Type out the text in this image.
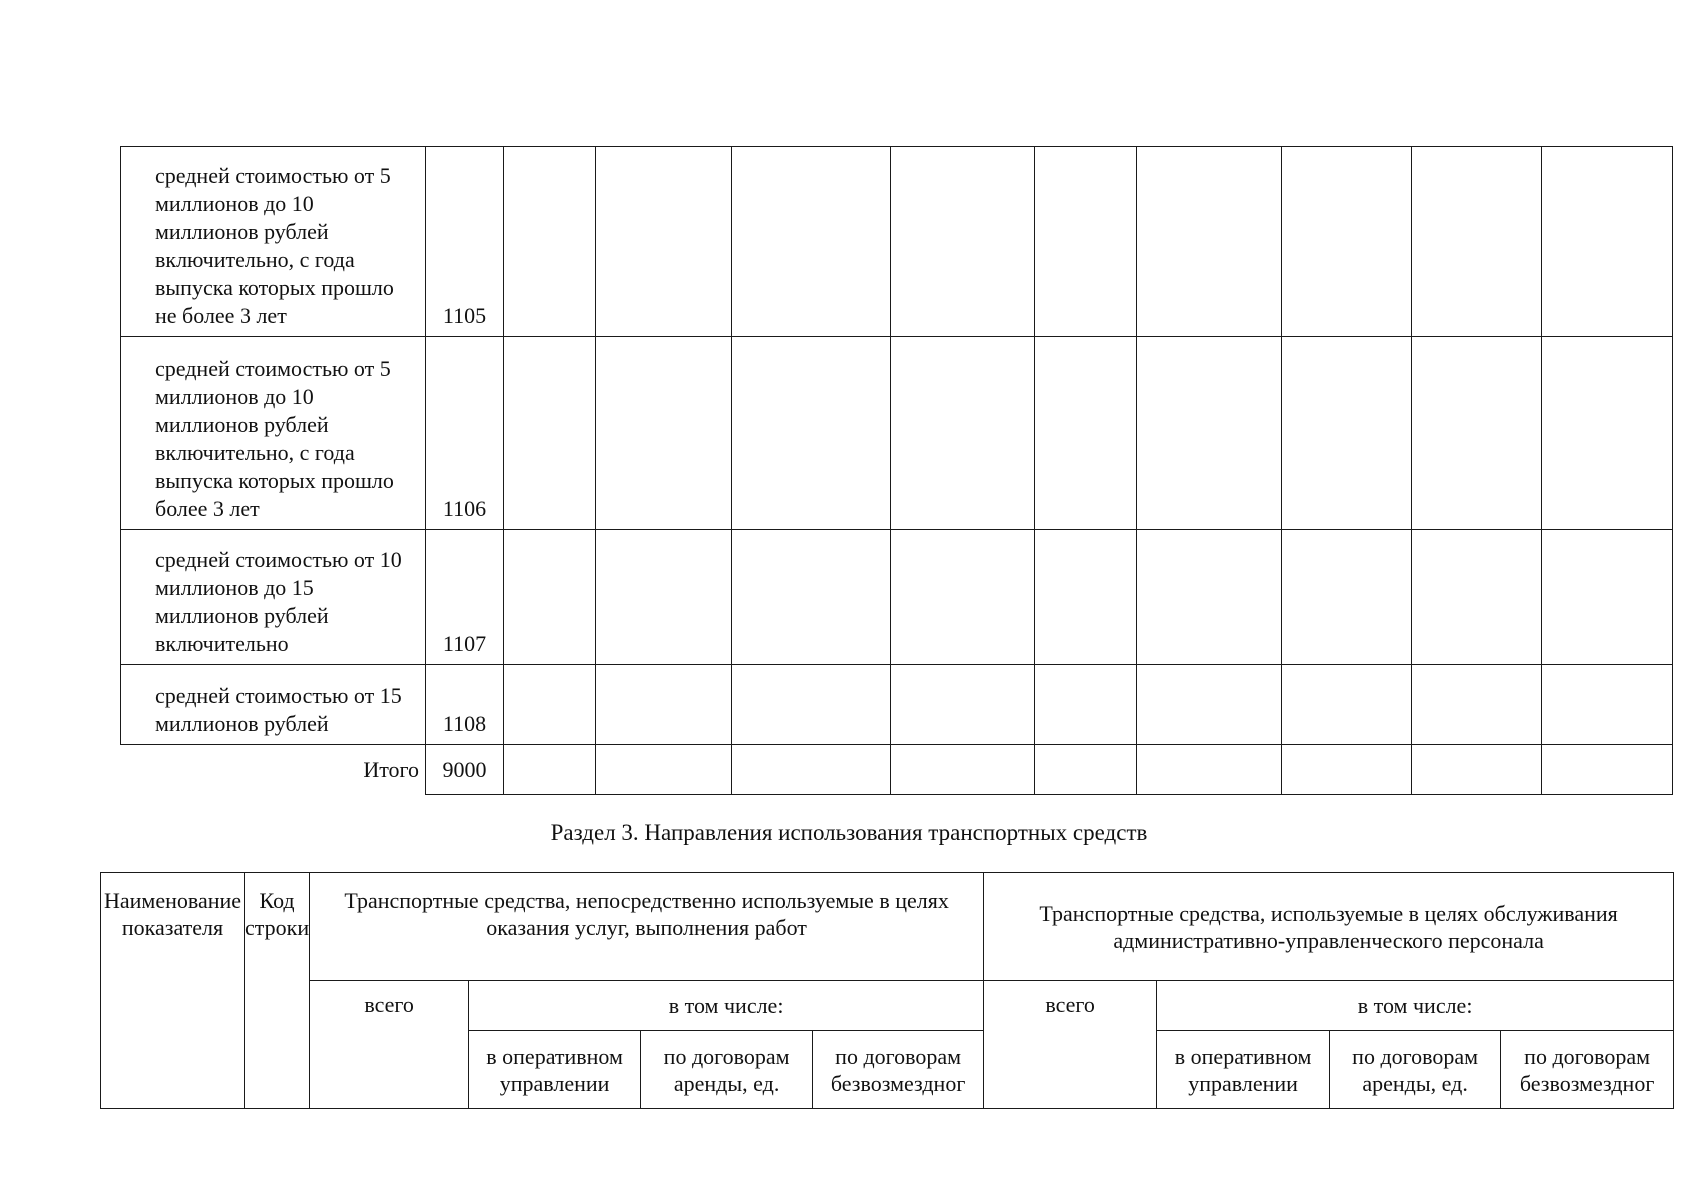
средней стоимостью от 5 миллионов до 10 миллионов рублей включительно, с года выпуска которых прошло не более 3 лет	1105									
средней стоимостью от 5 миллионов до 10 миллионов рублей включительно, с года выпуска которых прошло более 3 лет	1106									
средней стоимостью от 10 миллионов до 15 миллионов рублей включительно	1107									
средней стоимостью от 15 миллионов рублей	1108									
Итого	9000									
Раздел 3. Направления использования транспортных средств
Наименование показателя	Код строки	Транспортные средства, непосредственно используемые в целях оказания услуг, выполнения работ				Транспортные средства, используемые в целях обслуживания административно-управленческого персонала			
		всего	в том числе:			всего	в том числе:		
			в оперативном управлении	по договорам аренды, ед.	по договорам безвозмездног		в оперативном управлении	по договорам аренды, ед.	по договорам безвозмездног
